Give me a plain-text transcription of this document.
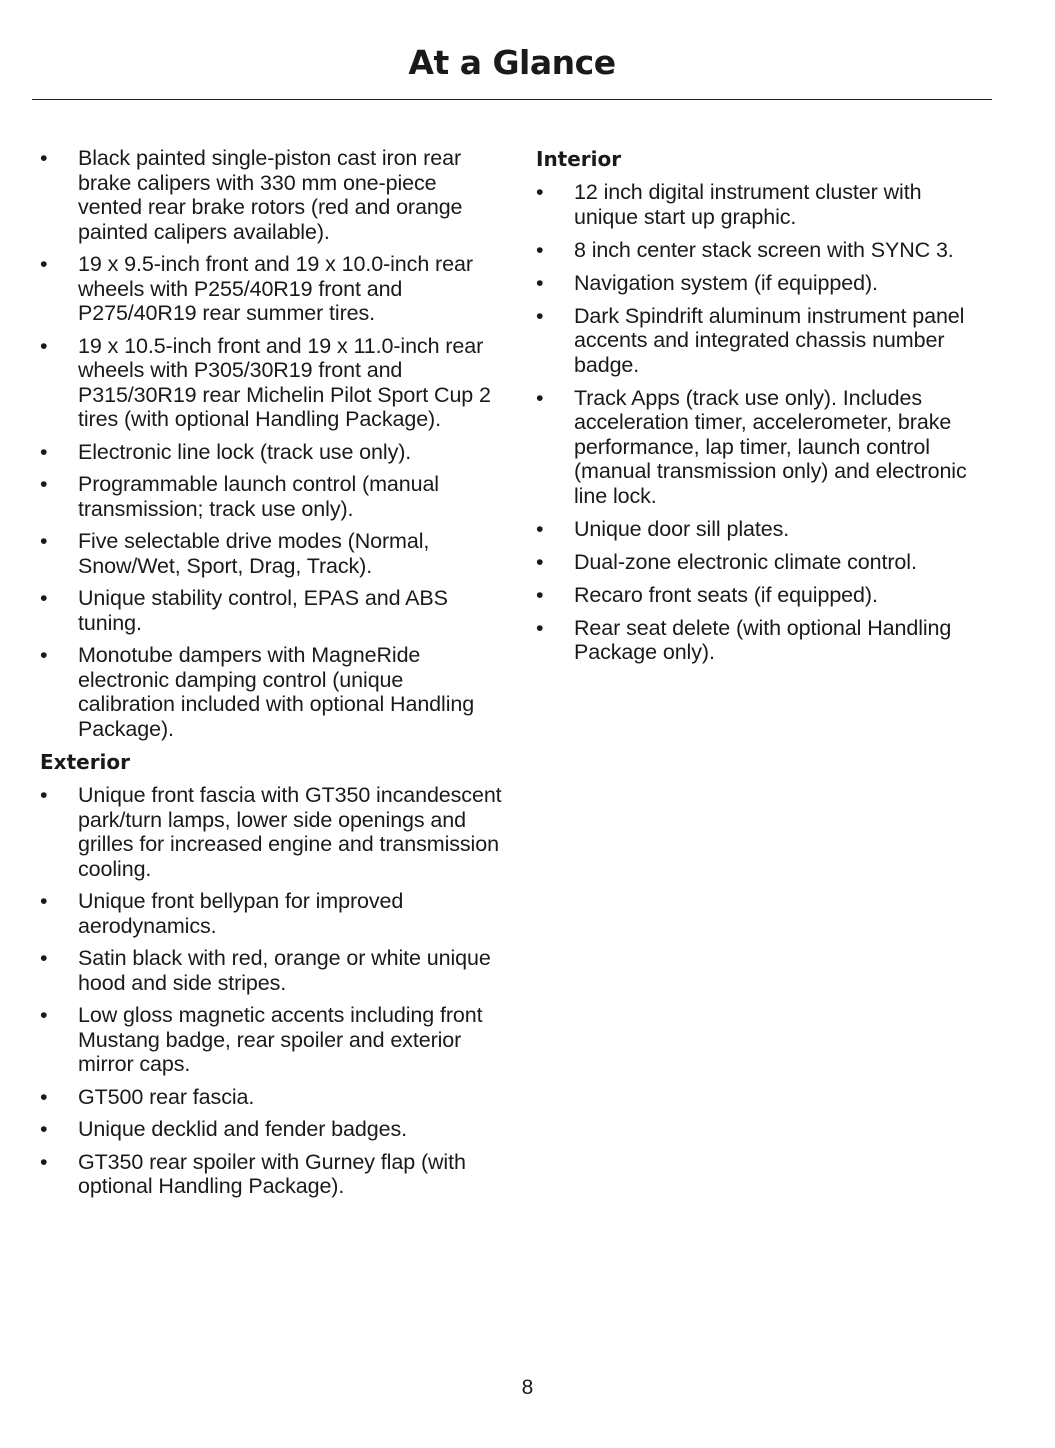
At a Glance
• Black painted single-piston cast iron rear brake calipers with 330 mm one-piece vented rear brake rotors (red and orange painted calipers available).
• 19 x 9.5-inch front and 19 x 10.0-inch rear wheels with P255/40R19 front and P275/40R19 rear summer tires.
• 19 x 10.5-inch front and 19 x 11.0-inch rear wheels with P305/30R19 front and P315/30R19 rear Michelin Pilot Sport Cup 2 tires (with optional Handling Package).
• Electronic line lock (track use only).
• Programmable launch control (manual transmission; track use only).
• Five selectable drive modes (Normal, Snow/Wet, Sport, Drag, Track).
• Unique stability control, EPAS and ABS tuning.
• Monotube dampers with MagneRide electronic damping control (unique calibration included with optional Handling Package).
Exterior
• Unique front fascia with GT350 incandescent park/turn lamps, lower side openings and grilles for increased engine and transmission cooling.
• Unique front bellypan for improved aerodynamics.
• Satin black with red, orange or white unique hood and side stripes.
• Low gloss magnetic accents including front Mustang badge, rear spoiler and exterior mirror caps.
• GT500 rear fascia.
• Unique decklid and fender badges.
• GT350 rear spoiler with Gurney flap (with optional Handling Package).
Interior
• 12 inch digital instrument cluster with unique start up graphic.
• 8 inch center stack screen with SYNC 3.
• Navigation system (if equipped).
• Dark Spindrift aluminum instrument panel accents and integrated chassis number badge.
• Track Apps (track use only). Includes acceleration timer, accelerometer, brake performance, lap timer, launch control (manual transmission only) and electronic line lock.
• Unique door sill plates.
• Dual-zone electronic climate control.
• Recaro front seats (if equipped).
• Rear seat delete (with optional Handling Package only).

8
